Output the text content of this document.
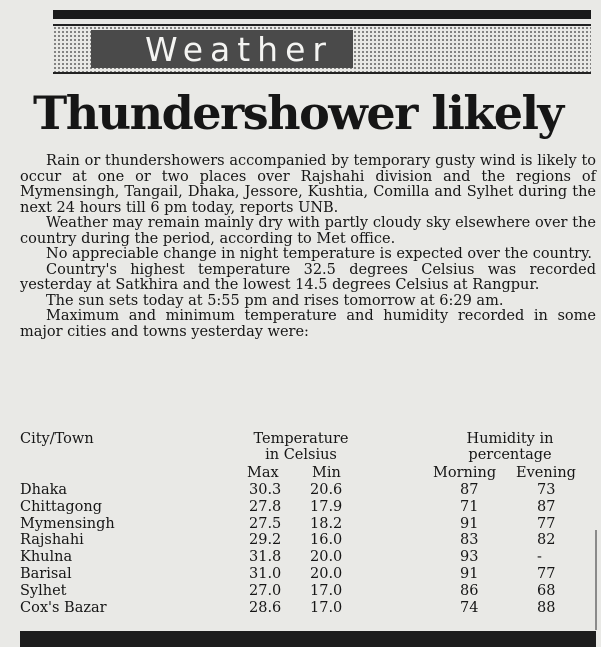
Weather
Thundershower likely

Rain or thundershowers accompanied by temporary gusty wind is likely to occur at one or two places over Rajshahi division and the regions of Mymensingh, Tangail, Dhaka, Jessore, Kushtia, Comilla and Sylhet during the next 24 hours till 6 pm today, reports UNB.

Weather may remain mainly dry with partly cloudy sky elsewhere over the country during the period, according to Met office.

No appreciable change in night temperature is expected over the country.

Country's highest temperature 32.5 degrees Celsius was recorded yesterday at Satkhira and the lowest 14.5 degrees Celsius at Rangpur.

The sun sets today at 5:55 pm and rises tomorrow at 6:29 am.

Maximum and minimum temperature and humidity recorded in some major cities and towns yesterday were:

City/Town	Temperature
in Celsius
Humidity in
percentage
Max Min	Morning Evening
Dhaka	30.3 20.6	87	73
Chittagong	27.8 17.9	71	87
Mymensingh	27.5 18.2	91	77
Rajshahi	29.2 16.0	83	82
Khulna	31.8 20.0	93	-
Barisal	31.0 20.0	91	77
Sylhet	27.0 17.0	86	68
Cox's Bazar	28.6 17.0	74	88
